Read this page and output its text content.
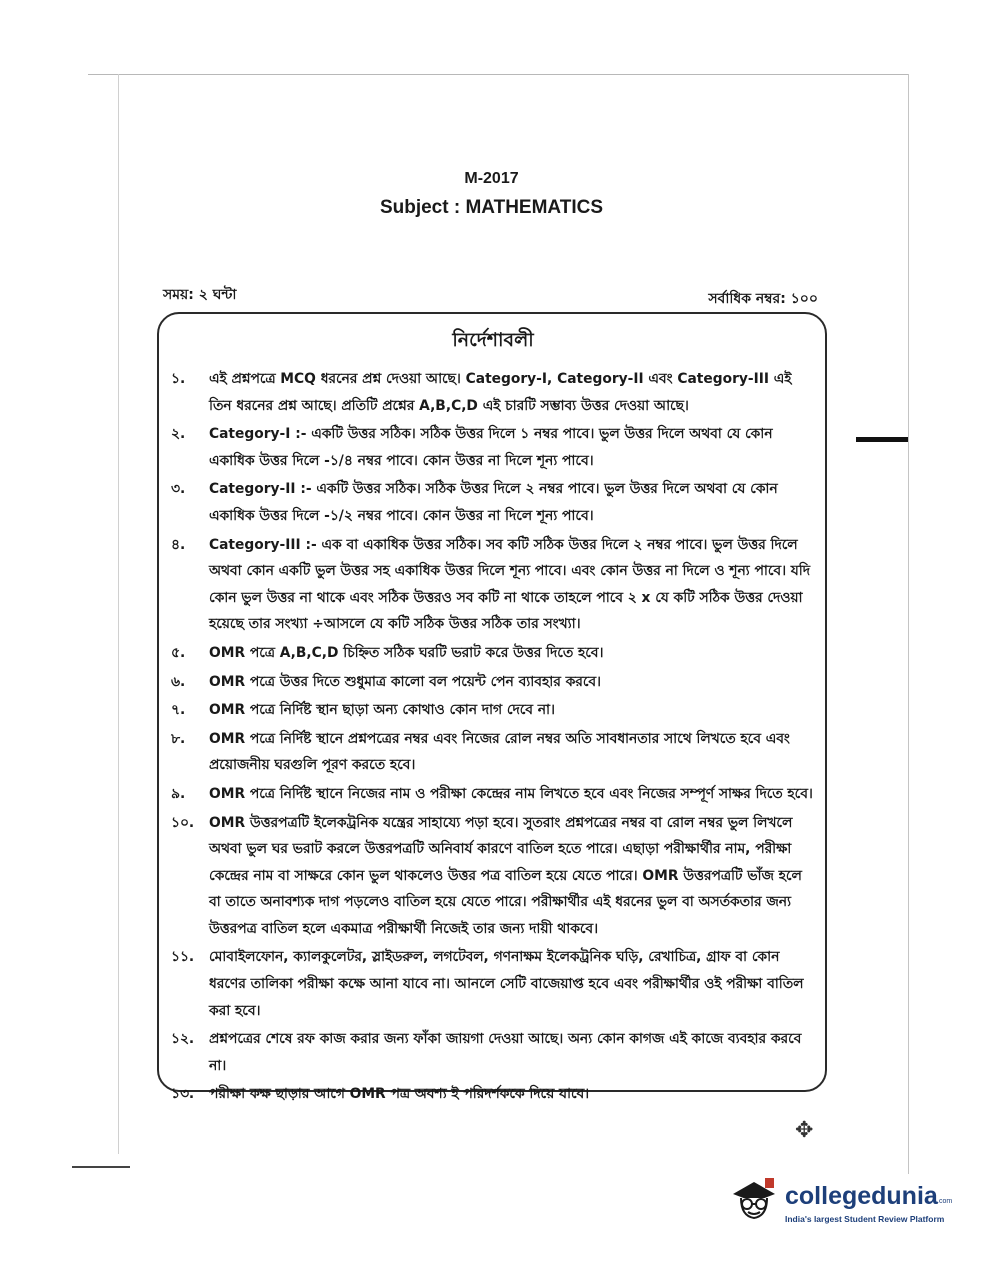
✥
M-2017
Subject : MATHEMATICS
সময়: ২ ঘন্টা	সর্বাধিক নম্বর: ১০০
নির্দেশাবলী
১.	এই প্রশ্নপত্রে MCQ ধরনের প্রশ্ন দেওয়া আছে। Category-I, Category-II এবং Category-III এই তিন ধরনের প্রশ্ন আছে। প্রতিটি প্রশ্নের A,B,C,D এই চারটি সম্ভাব্য উত্তর দেওয়া আছে।
২.	Category-I :- একটি উত্তর সঠিক। সঠিক উত্তর দিলে ১ নম্বর পাবে। ভুল উত্তর দিলে অথবা যে কোন একাধিক উত্তর দিলে -১/৪ নম্বর পাবে। কোন উত্তর না দিলে শূন্য পাবে।
৩.	Category-II :- একটি উত্তর সঠিক। সঠিক উত্তর দিলে ২ নম্বর পাবে। ভুল উত্তর দিলে অথবা যে কোন একাধিক উত্তর দিলে -১/২ নম্বর পাবে। কোন উত্তর না দিলে শূন্য পাবে।
৪.	Category-III :- এক বা একাধিক উত্তর সঠিক। সব কটি সঠিক উত্তর দিলে ২ নম্বর পাবে। ভুল উত্তর দিলে অথবা কোন একটি ভুল উত্তর সহ একাধিক উত্তর দিলে শূন্য পাবে। এবং কোন উত্তর না দিলে ও শূন্য পাবে। যদি কোন ভুল উত্তর না থাকে এবং সঠিক উত্তরও সব কটি না থাকে তাহলে পাবে ২ x যে কটি সঠিক উত্তর দেওয়া হয়েছে তার সংখ্যা ÷আসলে যে কটি সঠিক উত্তর সঠিক তার সংখ্যা।
৫.	OMR পত্রে A,B,C,D চিহ্নিত সঠিক ঘরটি ভরাট করে উত্তর দিতে হবে।
৬.	OMR পত্রে উত্তর দিতে শুধুমাত্র কালো বল পয়েন্ট পেন ব্যাবহার করবে।
৭.	OMR পত্রে নির্দিষ্ট স্থান ছাড়া অন্য কোথাও কোন দাগ দেবে না।
৮.	OMR পত্রে নির্দিষ্ট স্থানে প্রশ্নপত্রের নম্বর এবং নিজের রোল নম্বর অতি সাবধানতার সাথে লিখতে হবে এবং প্রয়োজনীয় ঘরগুলি পূরণ করতে হবে।
৯.	OMR পত্রে নির্দিষ্ট স্থানে নিজের নাম ও পরীক্ষা কেন্দ্রের নাম লিখতে হবে এবং নিজের সম্পূর্ণ সাক্ষর দিতে হবে।
১০.	OMR উত্তরপত্রটি ইলেকট্রনিক যন্ত্রের সাহায্যে পড়া হবে। সুতরাং প্রশ্নপত্রের নম্বর বা রোল নম্বর ভুল লিখলে অথবা ভুল ঘর ভরাট করলে উত্তরপত্রটি অনিবার্য কারণে বাতিল হতে পারে। এছাড়া পরীক্ষার্থীর নাম, পরীক্ষা কেন্দ্রের নাম বা সাক্ষরে কোন ভুল থাকলেও উত্তর পত্র বাতিল হয়ে যেতে পারে। OMR উত্তরপত্রটি ভাঁজ হলে বা তাতে অনাবশ্যক দাগ পড়লেও বাতিল হয়ে যেতে পারে। পরীক্ষার্থীর এই ধরনের ভুল বা অসর্তকতার জন্য উত্তরপত্র বাতিল হলে একমাত্র পরীক্ষার্থী নিজেই তার জন্য দায়ী থাকবে।
১১.	মোবাইলফোন, ক্যালকুলেটর, স্লাইডরুল, লগটেবল, গণনাক্ষম ইলেকট্রনিক ঘড়ি, রেখাচিত্র, গ্রাফ বা কোন ধরণের তালিকা পরীক্ষা কক্ষে আনা যাবে না। আনলে সেটি বাজেয়াপ্ত হবে এবং পরীক্ষার্থীর ওই পরীক্ষা বাতিল করা হবে।
১২.	প্রশ্নপত্রের শেষে রফ কাজ করার জন্য ফাঁকা জায়গা দেওয়া আছে। অন্য কোন কাগজ এই কাজে ব্যবহার করবে না।
১৩.	পরীক্ষা কক্ষ ছাড়ার আগে OMR পত্র অবশ্য ই পরিদর্শককে দিয়ে যাবে।
collegedunia .com
India's largest Student Review Platform
